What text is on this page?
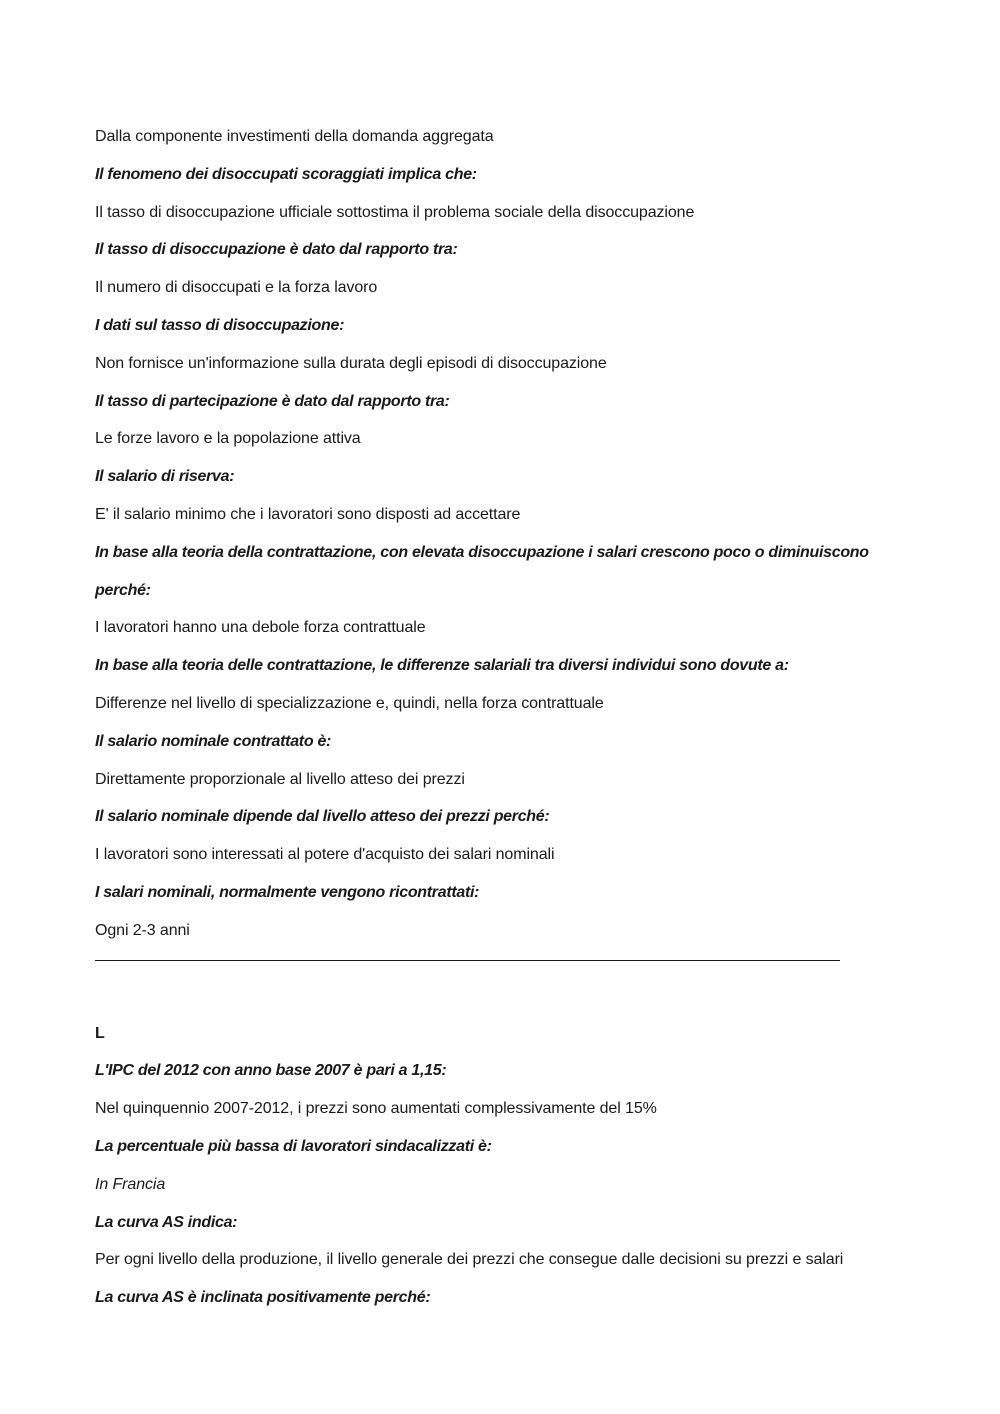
Dalla componente investimenti della domanda aggregata
Il fenomeno dei disoccupati scoraggiati implica che:
Il tasso di disoccupazione ufficiale sottostima il problema sociale della disoccupazione
Il tasso di disoccupazione è dato dal rapporto tra:
Il numero di disoccupati e la forza lavoro
I dati sul tasso di disoccupazione:
Non fornisce un'informazione sulla durata degli episodi di disoccupazione
Il tasso di partecipazione è dato dal rapporto tra:
Le forze lavoro e la popolazione attiva
Il salario di riserva:
E' il salario minimo che i lavoratori sono disposti ad accettare
In base alla teoria della contrattazione, con elevata disoccupazione i salari crescono poco o diminuiscono
perché:
I lavoratori hanno una debole forza contrattuale
In base alla teoria delle contrattazione, le differenze salariali tra diversi individui sono dovute a:
Differenze nel livello di specializzazione e, quindi, nella forza contrattuale
Il salario nominale contrattato è:
Direttamente proporzionale al livello atteso dei prezzi
Il salario nominale dipende dal livello atteso dei prezzi perché:
I lavoratori sono interessati al potere d'acquisto dei salari nominali
I salari nominali, normalmente vengono ricontrattati:
Ogni 2-3 anni
L
L'IPC del 2012 con anno base 2007 è pari a 1,15:
Nel quinquennio 2007-2012, i prezzi sono aumentati complessivamente del 15%
La percentuale più bassa di lavoratori sindacalizzati è:
In Francia
La curva AS indica:
Per ogni livello della produzione, il livello generale dei prezzi che consegue dalle decisioni su prezzi e salari
La curva AS è inclinata positivamente perché:
